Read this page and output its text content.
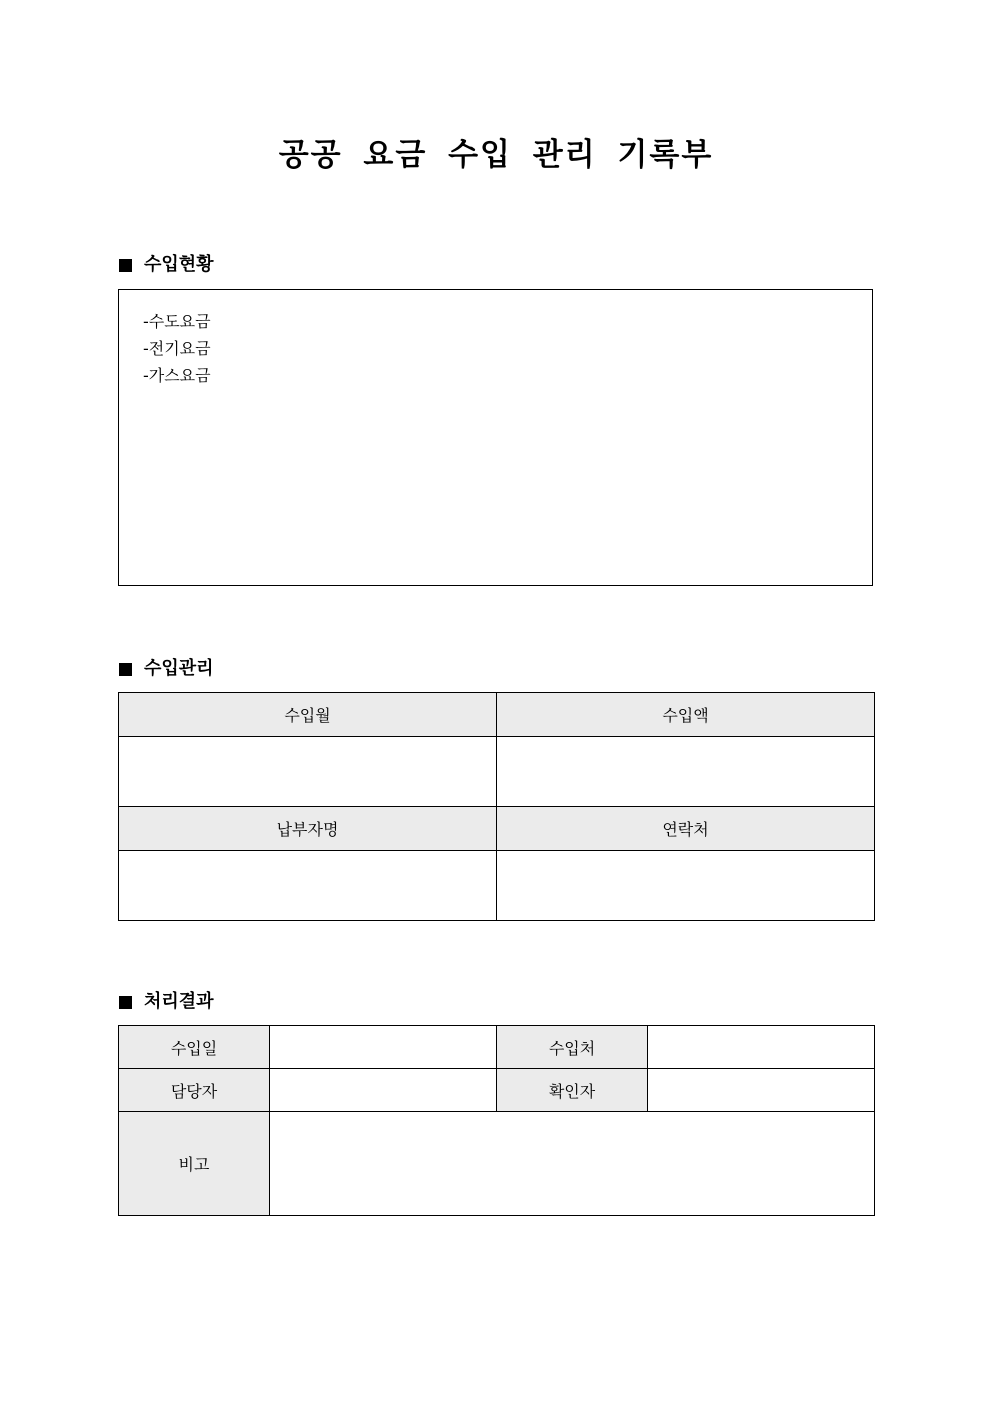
공공 요금 수입 관리 기록부
수입현황
-수도요금
-전기요금
-가스요금
수입관리
수입월	수입액

납부자명	연락처

처리결과
수입일		수입처	
담당자		확인자	
비고			
